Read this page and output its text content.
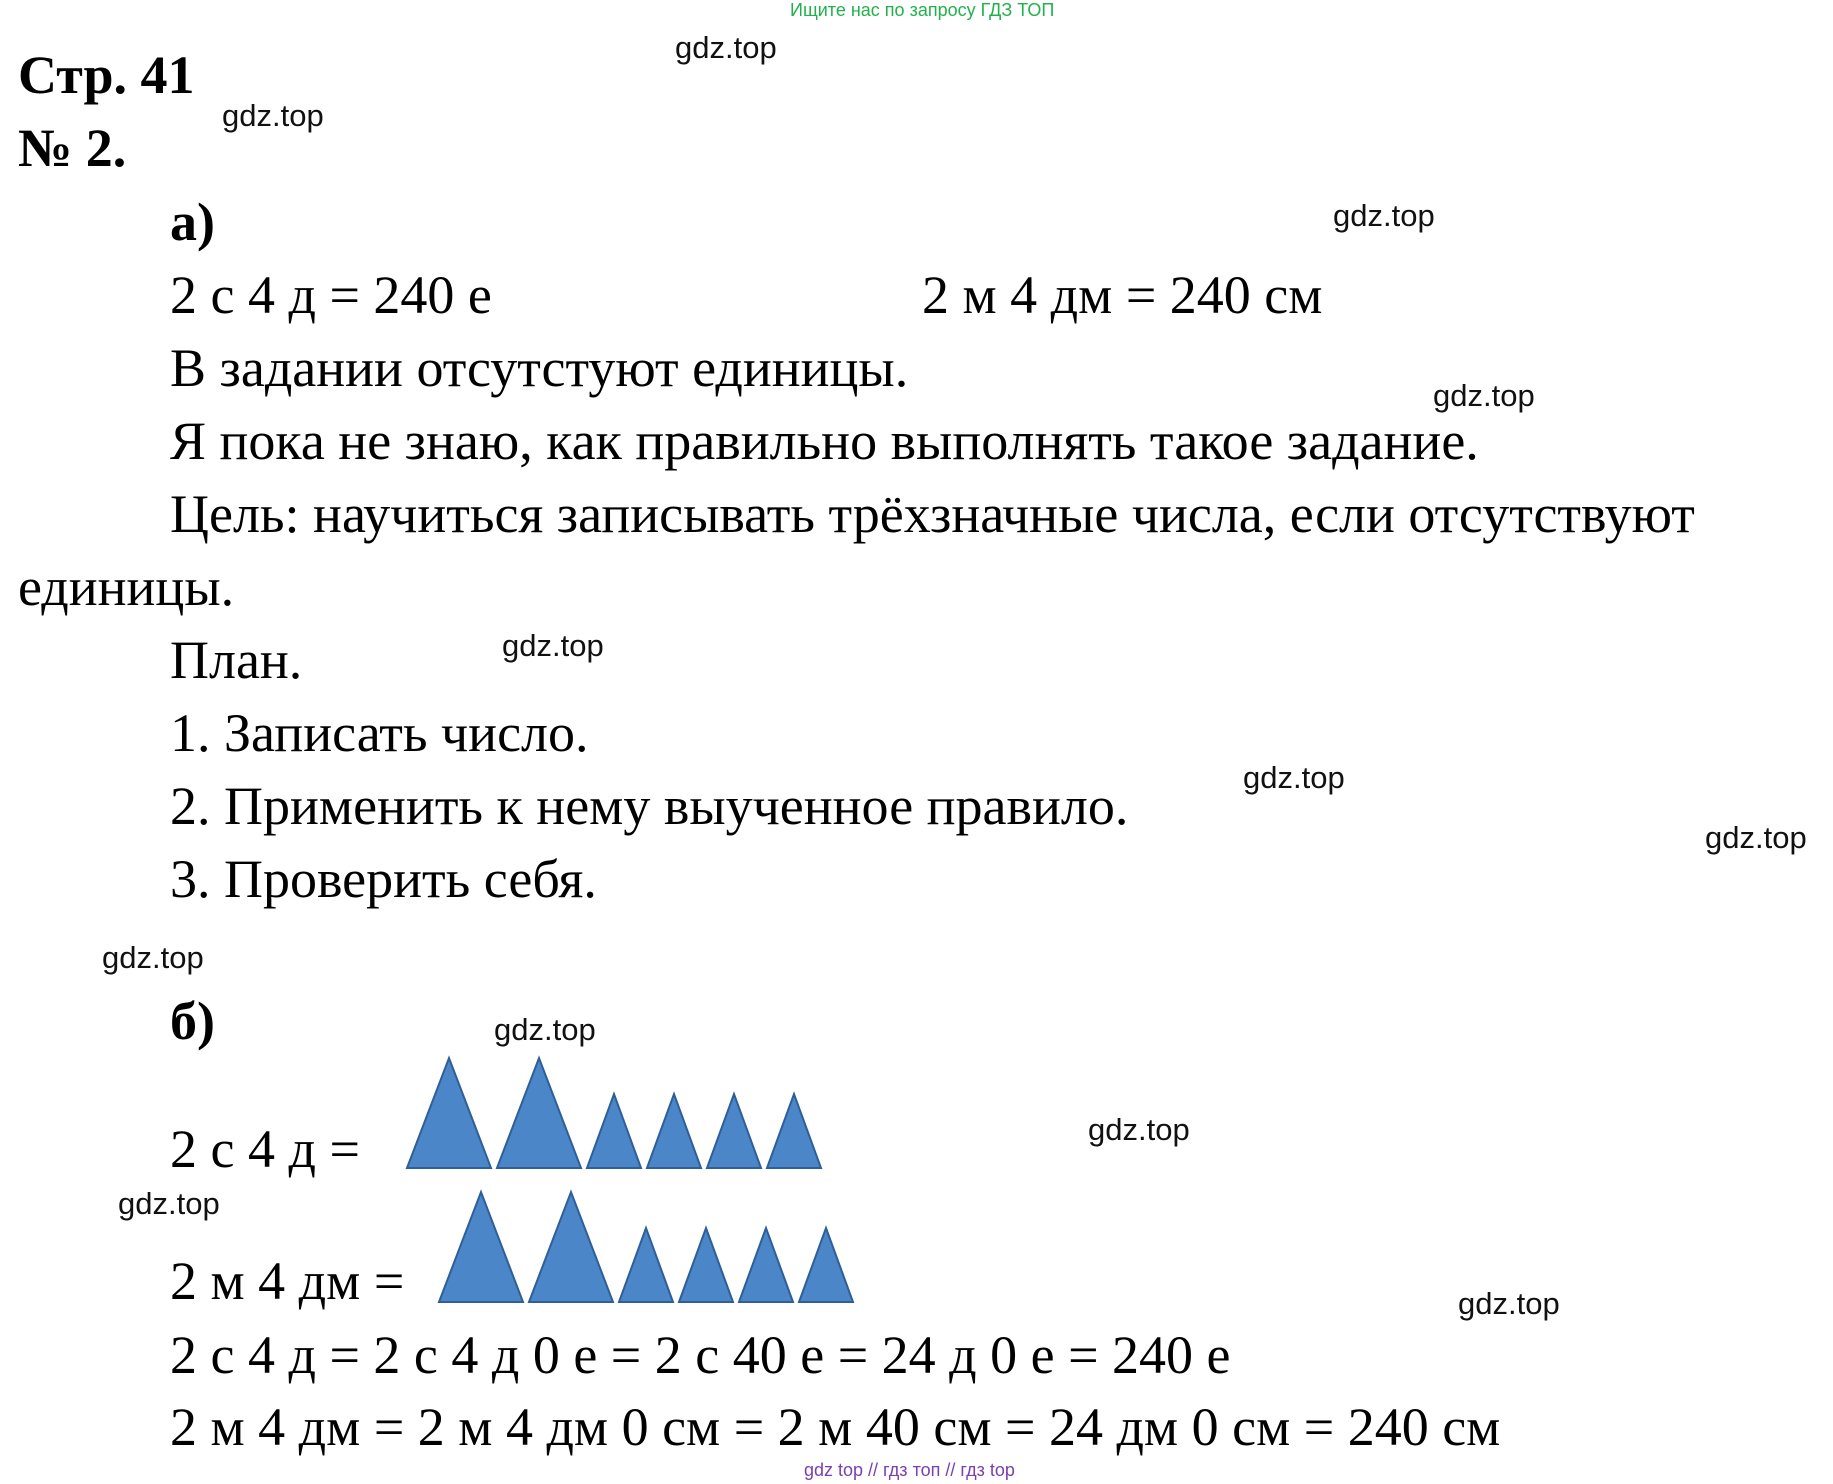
Ищите нас по запросу ГДЗ ТОП
gdz top // гдз топ // гдз top
Стр. 41
№ 2.
а)
2 с 4 д = 240 е	2 м 4 дм = 240 см
В задании отсутстуют единицы.
Я пока не знаю, как правильно выполнять такое задание.
Цель: научиться записывать трёхзначные числа, если отсутствуют
единицы.
План.
1. Записать число.
2. Применить к нему выученное правило.
3. Проверить себя.
б)
2 с 4 д =
2 м 4 дм =
2 с 4 д = 2 с 4 д 0 е = 2 с 40 е = 24 д 0 е = 240 е
2 м 4 дм = 2 м 4 дм 0 см = 2 м 40 см = 24 дм 0 см = 240 см
gdz.top
gdz.top
gdz.top
gdz.top
gdz.top
gdz.top
gdz.top
gdz.top
gdz.top
gdz.top
gdz.top
gdz.top
